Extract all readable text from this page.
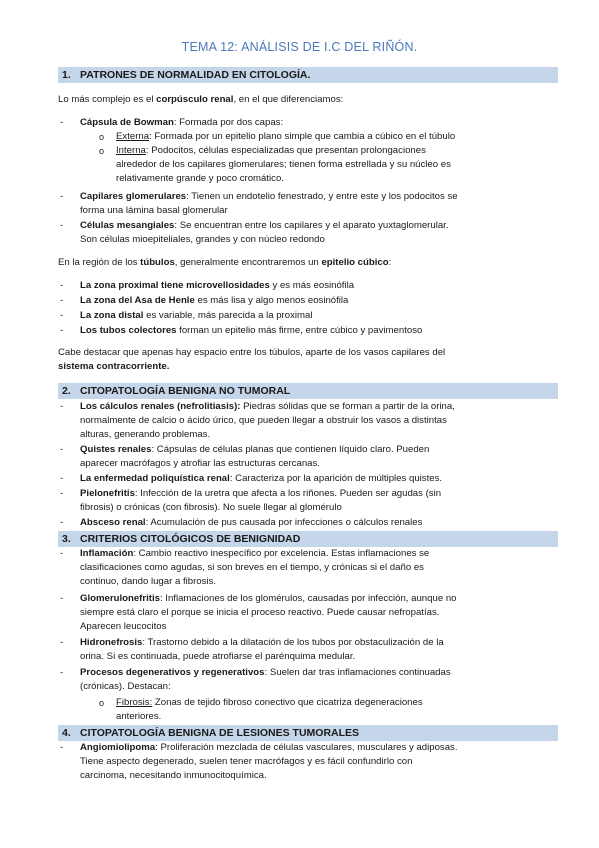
TEMA 12: ANÁLISIS DE I.C DEL RIÑÓN.
1. PATRONES DE NORMALIDAD EN CITOLOGÍA.
Lo más complejo es el corpúsculo renal, en el que diferenciamos:
- Cápsula de Bowman: Formada por dos capas:
o Externa: Formada por un epitelio plano simple que cambia a cúbico en el túbulo
o Interna: Podocitos, células especializadas que presentan prolongaciones
alrededor de los capilares glomerulares; tienen forma estrellada y su núcleo es
relativamente grande y poco cromático.
- Capilares glomerulares: Tienen un endotelio fenestrado, y entre este y los podocitos se
forma una lámina basal glomerular
- Células mesangiales: Se encuentran entre los capilares y el aparato yuxtaglomerular.
Son células mioepiteliales, grandes y con núcleo redondo
En la región de los túbulos, generalmente encontraremos un epitelio cúbico:
- La zona proximal tiene microvellosidades y es más eosinófila
- La zona del Asa de Henle es más lisa y algo menos eosinófila
- La zona distal es variable, más parecida a la proximal
- Los tubos colectores forman un epitelio más firme, entre cúbico y pavimentoso
Cabe destacar que apenas hay espacio entre los túbulos, aparte de los vasos capilares del
sistema contracorriente.
2. CITOPATOLOGÍA BENIGNA NO TUMORAL
- Los cálculos renales (nefrolitiasis): Piedras sólidas que se forman a partir de la orina,
normalmente de calcio o ácido úrico, que pueden llegar a obstruir los vasos a distintas
alturas, generando problemas.
- Quistes renales: Cápsulas de células planas que contienen líquido claro. Pueden
aparecer macrófagos y atrofiar las estructuras cercanas.
- La enfermedad poliquística renal: Caracteriza por la aparición de múltiples quistes.
- Pielonefritis: Infección de la uretra que afecta a los riñones. Pueden ser agudas (sin
fibrosis) o crónicas (con fibrosis). No suele llegar al glomérulo
- Absceso renal: Acumulación de pus causada por infecciones o cálculos renales
3. CRITERIOS CITOLÓGICOS DE BENIGNIDAD
- Inflamación: Cambio reactivo inespecífico por excelencia. Estas inflamaciones se
clasificaciones como agudas, si son breves en el tiempo, y crónicas si el daño es
continuo, dando lugar a fibrosis.
- Glomerulonefritis: Inflamaciones de los glomérulos, causadas por infección, aunque no
siempre está claro el porque se inicia el proceso reactivo. Puede causar nefropatías.
Aparecen leucocitos
- Hidronefrosis: Trastorno debido a la dilatación de los tubos por obstaculización de la
orina. Si es continuada, puede atrofiarse el parénquima medular.
- Procesos degenerativos y regenerativos: Suelen dar tras inflamaciones continuadas
(crónicas). Destacan:
o Fibrosis: Zonas de tejido fibroso conectivo que cicatriza degeneraciones
anteriores.
4. CITOPATOLOGÍA BENIGNA DE LESIONES TUMORALES
- Angiomiolipoma: Proliferación mezclada de células vasculares, musculares y adiposas.
Tiene aspecto degenerado, suelen tener macrófagos y es fácil confundirlo con
carcinoma, necesitando inmunocitoquímica.
